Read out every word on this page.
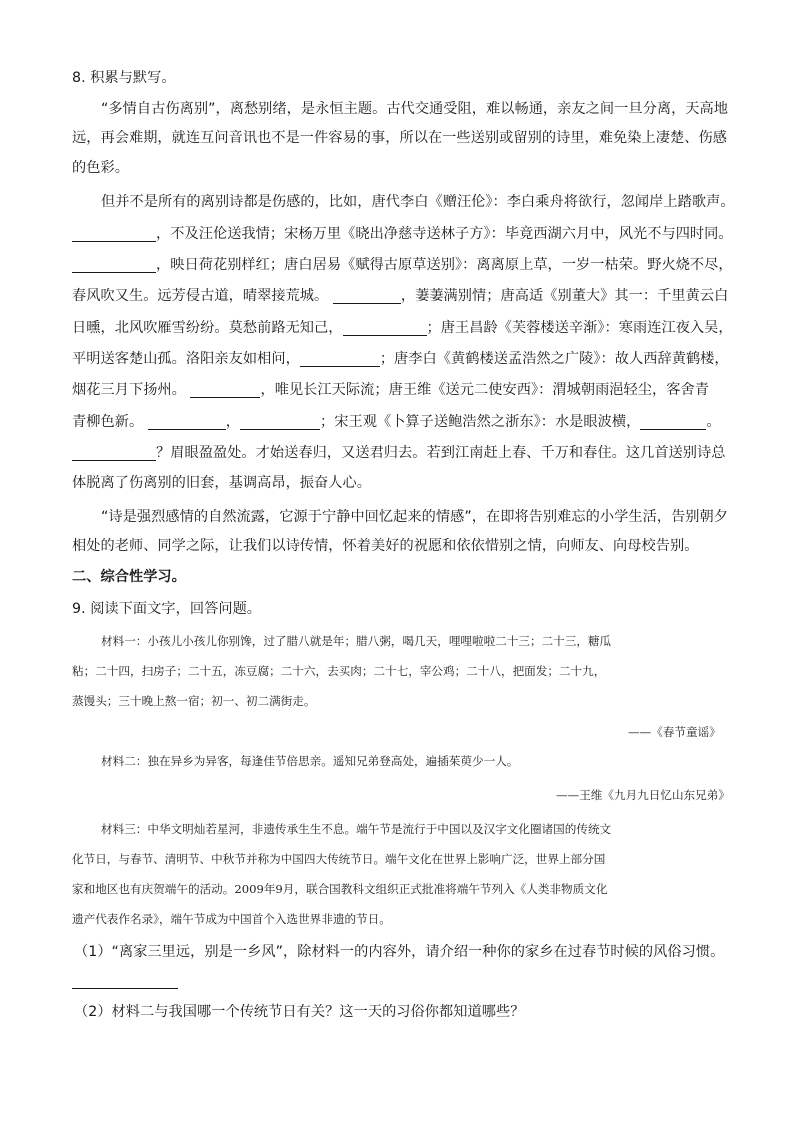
8. 积累与默写。
“多情自古伤离别”，离愁别绪，是永恒主题。古代交通受阻，难以畅通，亲友之间一旦分离，天高地
远，再会难期，就连互问音讯也不是一件容易的事，所以在一些送别或留别的诗里，难免染上凄楚、伤感
的色彩。
但并不是所有的离别诗都是伤感的，比如，唐代李白《赠汪伦》：李白乘舟将欲行，忽闻岸上踏歌声。
，不及汪伦送我情；宋杨万里《晓出净慈寺送林子方》：毕竟西湖六月中，风光不与四时同。
，映日荷花别样红；唐白居易《赋得古原草送别》：离离原上草，一岁一枯荣。野火烧不尽，
春风吹又生。远芳侵古道，晴翠接荒城。	，萋萋满别情；唐高适《别董大》其一：千里黄云白
日曛，北风吹雁雪纷纷。莫愁前路无知己，	；唐王昌龄《芙蓉楼送辛渐》：寒雨连江夜入吴，
平明送客楚山孤。洛阳亲友如相问，	；唐李白《黄鹤楼送孟浩然之广陵》：故人西辞黄鹤楼，
烟花三月下扬州。	，唯见长江天际流；唐王维《送元二使安西》：渭城朝雨浥轻尘，客舍青
青柳色新。	，	；宋王观《卜算子送鲍浩然之浙东》：水是眼波横，	。
？眉眼盈盈处。才始送春归，又送君归去。若到江南赶上春、千万和春住。这几首送别诗总
体脱离了伤离别的旧套，基调高昂，振奋人心。
“诗是强烈感情的自然流露，它源于宁静中回忆起来的情感”，在即将告别难忘的小学生活，告别朝夕
相处的老师、同学之际，让我们以诗传情，怀着美好的祝愿和依依惜别之情，向师友、向母校告别。
二、综合性学习。
9. 阅读下面文字，回答问题。
材料一：小孩儿小孩儿你别馋，过了腊八就是年；腊八粥，喝几天，哩哩啦啦二十三；二十三，糖瓜
粘；二十四，扫房子；二十五，冻豆腐；二十六，去买肉；二十七，宰公鸡；二十八，把面发；二十九，
蒸馒头；三十晚上熬一宿；初一、初二满街走。
——《春节童谣》
材料二：独在异乡为异客，每逢佳节倍思亲。遥知兄弟登高处，遍插茱萸少一人。
——王维《九月九日忆山东兄弟》
材料三：中华文明灿若星河，非遗传承生生不息。端午节是流行于中国以及汉字文化圈诸国的传统文
化节日，与春节、清明节、中秋节并称为中国四大传统节日。端午文化在世界上影响广泛，世界上部分国
家和地区也有庆贺端午的活动。2009年9月，联合国教科文组织正式批准将端午节列入《人类非物质文化
遗产代表作名录》，端午节成为中国首个入选世界非遗的节日。
（1）“离家三里远，别是一乡风”，除材料一的内容外，请介绍一种你的家乡在过春节时候的风俗习惯。
（2）材料二与我国哪一个传统节日有关？这一天的习俗你都知道哪些？
